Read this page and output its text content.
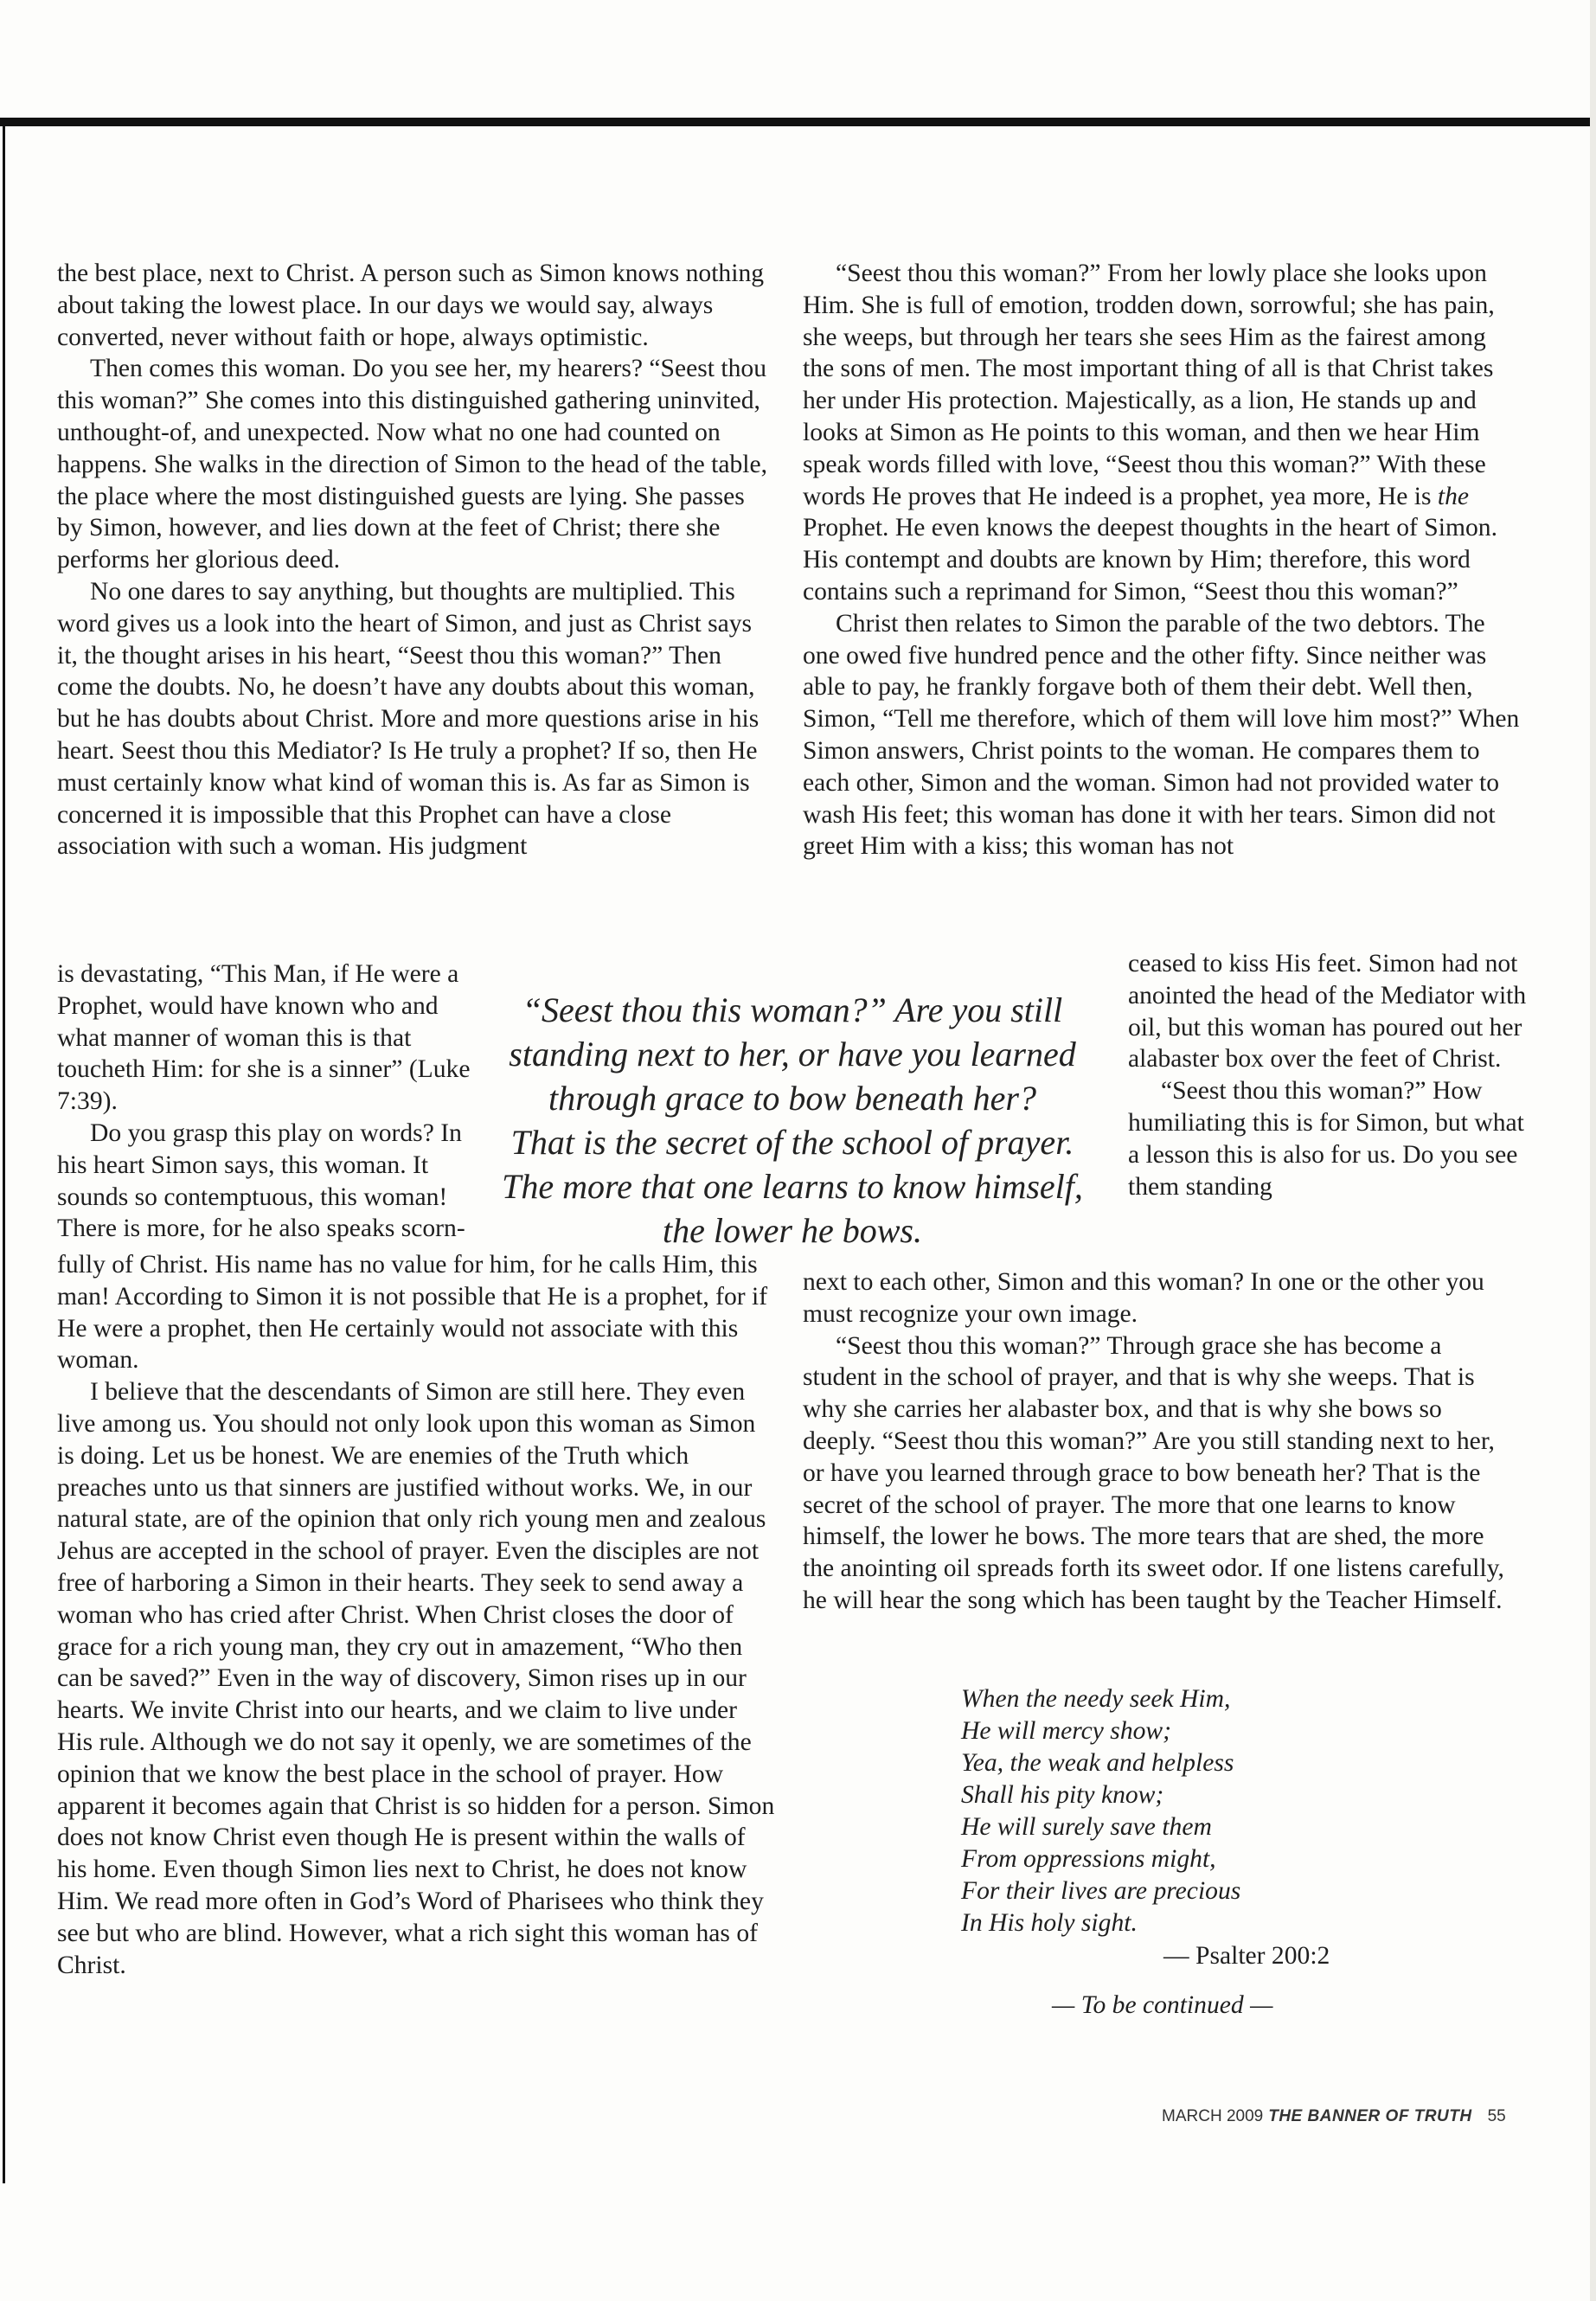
the best place, next to Christ. A person such as Simon knows nothing about taking the lowest place. In our days we would say, always converted, never without faith or hope, always optimistic.

Then comes this woman. Do you see her, my hearers? “Seest thou this woman?” She comes into this distinguished gathering uninvited, unthought-of, and unexpected. Now what no one had counted on happens. She walks in the direction of Simon to the head of the table, the place where the most distinguished guests are lying. She passes by Simon, however, and lies down at the feet of Christ; there she performs her glorious deed.

No one dares to say anything, but thoughts are multiplied. This word gives us a look into the heart of Simon, and just as Christ says it, the thought arises in his heart, “Seest thou this woman?” Then come the doubts. No, he doesn’t have any doubts about this woman, but he has doubts about Christ. More and more questions arise in his heart. Seest thou this Mediator? Is He truly a prophet? If so, then He must certainly know what kind of woman this is. As far as Simon is concerned it is impossible that this Prophet can have a close association with such a woman. His judgment

is devastating, “This Man, if He were a Prophet, would have known who and what manner of woman this is that toucheth Him: for she is a sinner” (Luke 7:39).

Do you grasp this play on words? In his heart Simon says, this woman. It sounds so contemptuous, this woman! There is more, for he also speaks scorn-

fully of Christ. His name has no value for him, for he calls Him, this man! According to Simon it is not possible that He is a prophet, for if He were a prophet, then He certainly would not associate with this woman.

I believe that the descendants of Simon are still here. They even live among us. You should not only look upon this woman as Simon is doing. Let us be honest. We are enemies of the Truth which preaches unto us that sinners are justified without works. We, in our natural state, are of the opinion that only rich young men and zealous Jehus are accepted in the school of prayer. Even the disciples are not free of harboring a Simon in their hearts. They seek to send away a woman who has cried after Christ. When Christ closes the door of grace for a rich young man, they cry out in amazement, “Who then can be saved?” Even in the way of discovery, Simon rises up in our hearts. We invite Christ into our hearts, and we claim to live under His rule. Although we do not say it openly, we are sometimes of the opinion that we know the best place in the school of prayer. How apparent it becomes again that Christ is so hidden for a person. Simon does not know Christ even though He is present within the walls of his home. Even though Simon lies next to Christ, he does not know Him. We read more often in God’s Word of Pharisees who think they see but who are blind. However, what a rich sight this woman has of Christ.

“Seest thou this woman?” From her lowly place she looks upon Him. She is full of emotion, trodden down, sorrowful; she has pain, she weeps, but through her tears she sees Him as the fairest among the sons of men. The most important thing of all is that Christ takes her under His protection. Majestically, as a lion, He stands up and looks at Simon as He points to this woman, and then we hear Him speak words filled with love, “Seest thou this woman?” With these words He proves that He indeed is a prophet, yea more, He is the Prophet. He even knows the deepest thoughts in the heart of Simon. His contempt and doubts are known by Him; therefore, this word contains such a reprimand for Simon, “Seest thou this woman?”

Christ then relates to Simon the parable of the two debtors. The one owed five hundred pence and the other fifty. Since neither was able to pay, he frankly forgave both of them their debt. Well then, Simon, “Tell me therefore, which of them will love him most?” When Simon answers, Christ points to the woman. He compares them to each other, Simon and the woman. Simon had not provided water to wash His feet; this woman has done it with her tears. Simon did not greet Him with a kiss; this woman has not

ceased to kiss His feet. Simon had not anointed the head of the Mediator with oil, but this woman has poured out her alabaster box over the feet of Christ.

“Seest thou this woman?” How humiliating this is for Simon, but what a lesson this is also for us. Do you see them standing

next to each other, Simon and this woman? In one or the other you must recognize your own image.

“Seest thou this woman?” Through grace she has become a student in the school of prayer, and that is why she weeps. That is why she carries her alabaster box, and that is why she bows so deeply. “Seest thou this woman?” Are you still standing next to her, or have you learned through grace to bow beneath her? That is the secret of the school of prayer. The more that one learns to know himself, the lower he bows. The more tears that are shed, the more the anointing oil spreads forth its sweet odor. If one listens carefully, he will hear the song which has been taught by the Teacher Himself.

“Seest thou this woman?” Are you still

standing next to her, or have you learned

through grace to bow beneath her?

That is the secret of the school of prayer.

The more that one learns to know himself,

the lower he bows.

When the needy seek Him,
He will mercy show;
Yea, the weak and helpless
Shall his pity know;
He will surely save them
From oppressions might,
For their lives are precious
In His holy sight.
— Psalter 200:2
— To be continued —
MARCH 2009 THE BANNER OF TRUTH 55
